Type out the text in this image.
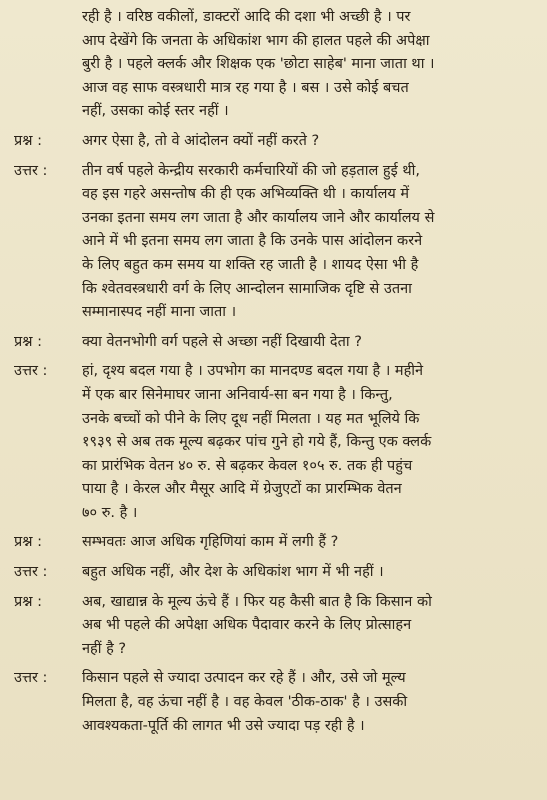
रही है । वरिष्ठ वकीलों, डाक्टरों आदि की दशा भी अच्छी है । पर
आप देखेंगे कि जनता के अधिकांश भाग की हालत पहले की अपेक्षा
बुरी है । पहले क्लर्क और शिक्षक एक 'छोटा साहेब' माना जाता था ।
आज वह साफ वस्त्रधारी मात्र रह गया है । बस । उसे कोई बचत
नहीं, उसका कोई स्तर नहीं ।
प्रश्न :	अगर ऐसा है, तो वे आंदोलन क्यों नहीं करते ?
उत्तर :	तीन वर्ष पहले केन्द्रीय सरकारी कर्मचारियों की जो हड़ताल हुई थी,
वह इस गहरे असन्तोष की ही एक अभिव्यक्ति थी । कार्यालय में
उनका इतना समय लग जाता है और कार्यालय जाने और कार्यालय से
आने में भी इतना समय लग जाता है कि उनके पास आंदोलन करने
के लिए बहुत कम समय या शक्ति रह जाती है । शायद ऐसा भी है
कि श्वेतवस्त्रधारी वर्ग के लिए आन्दोलन सामाजिक दृष्टि से उतना
सम्मानास्पद नहीं माना जाता ।
प्रश्न :	क्या वेतनभोगी वर्ग पहले से अच्छा नहीं दिखायी देता ?
उत्तर :	हां, दृश्य बदल गया है । उपभोग का मानदण्ड बदल गया है । महीने
में एक बार सिनेमाघर जाना अनिवार्य-सा बन गया है । किन्तु,
उनके बच्चों को पीने के लिए दूध नहीं मिलता । यह मत भूलिये कि
१९३९ से अब तक मूल्य बढ़कर पांच गुने हो गये हैं, किन्तु एक क्लर्क
का प्रारंभिक वेतन ४० रु. से बढ़कर केवल १०५ रु. तक ही पहुंच
पाया है । केरल और मैसूर आदि में ग्रेजुएटों का प्रारम्भिक वेतन
७० रु. है ।
प्रश्न :	सम्भवतः आज अधिक गृहिणियां काम में लगी हैं ?
उत्तर :	बहुत अधिक नहीं, और देश के अधिकांश भाग में भी नहीं ।
प्रश्न :	अब, खाद्यान्न के मूल्य ऊंचे हैं । फिर यह कैसी बात है कि किसान को
अब भी पहले की अपेक्षा अधिक पैदावार करने के लिए प्रोत्साहन
नहीं है ?
उत्तर :	किसान पहले से ज्यादा उत्पादन कर रहे हैं । और, उसे जो मूल्य
मिलता है, वह ऊंचा नहीं है । वह केवल 'ठीक-ठाक' है । उसकी
आवश्यकता-पूर्ति की लागत भी उसे ज्यादा पड़ रही है ।
